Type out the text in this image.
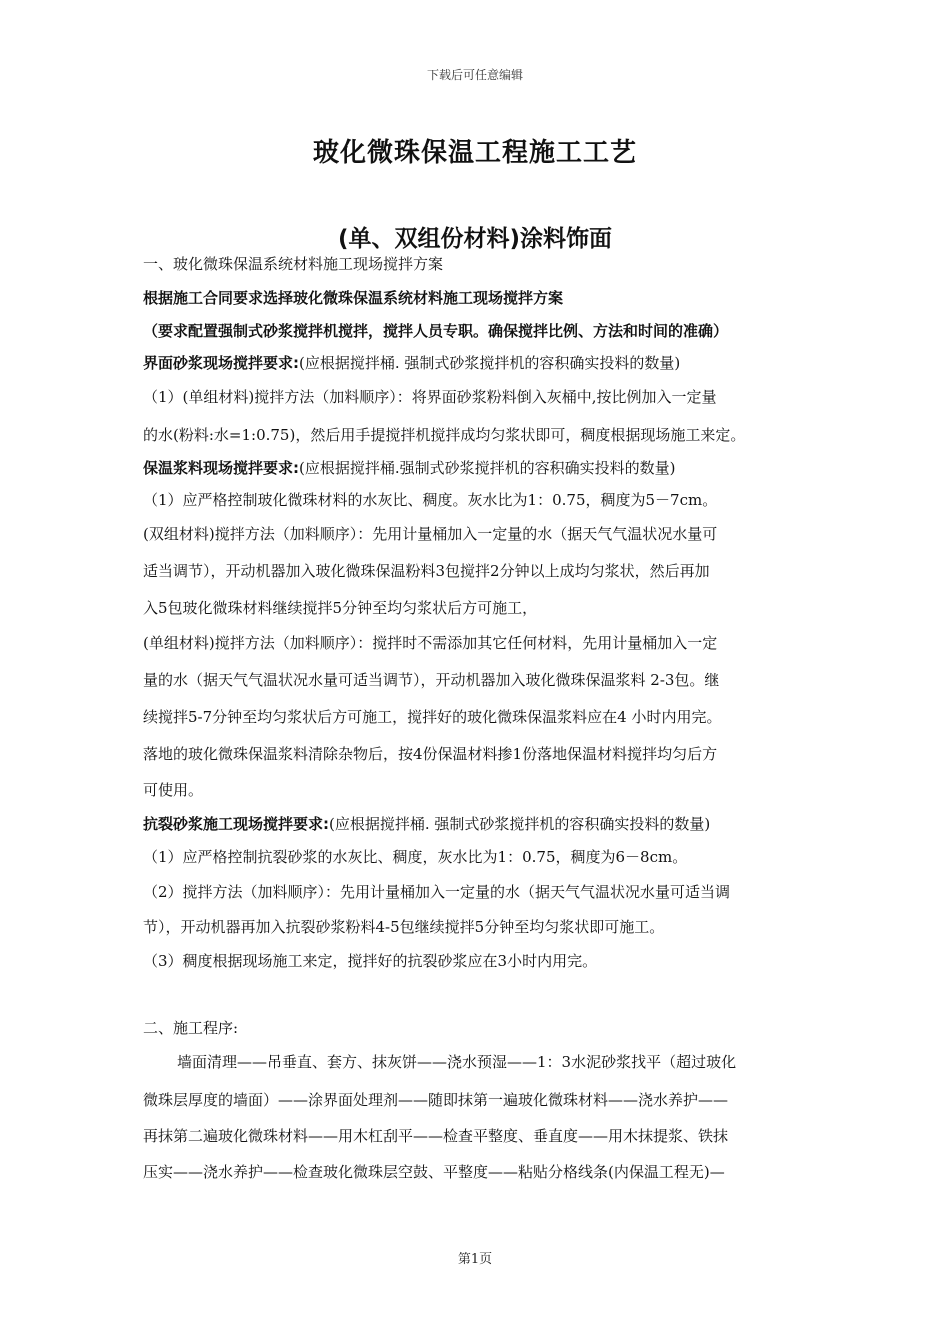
下载后可任意编辑
玻化微珠保温工程施工工艺
(单、双组份材料)涂料饰面
一、玻化微珠保温系统材料施工现场搅拌方案
根据施工合同要求选择玻化微珠保温系统材料施工现场搅拌方案
（要求配置强制式砂浆搅拌机搅拌，搅拌人员专职。确保搅拌比例、方法和时间的准确）
界面砂浆现场搅拌要求:(应根据搅拌桶. 强制式砂浆搅拌机的容积确实投料的数量)
（1）(单组材料)搅拌方法（加料顺序）：将界面砂浆粉料倒入灰桶中,按比例加入一定量
的水(粉料:水=1:0.75)，然后用手提搅拌机搅拌成均匀浆状即可，稠度根据现场施工来定。
保温浆料现场搅拌要求:(应根据搅拌桶.强制式砂浆搅拌机的容积确实投料的数量)
（1）应严格控制玻化微珠材料的水灰比、稠度。灰水比为1：0.75，稠度为5－7cm。
(双组材料)搅拌方法（加料顺序）：先用计量桶加入一定量的水（据天气气温状况水量可
适当调节），开动机器加入玻化微珠保温粉料3包搅拌2分钟以上成均匀浆状，然后再加
入5包玻化微珠材料继续搅拌5分钟至均匀浆状后方可施工，
(单组材料)搅拌方法（加料顺序）：搅拌时不需添加其它任何材料，先用计量桶加入一定
量的水（据天气气温状况水量可适当调节），开动机器加入玻化微珠保温浆料 2-3包。继
续搅拌5-7分钟至均匀浆状后方可施工，搅拌好的玻化微珠保温浆料应在4 小时内用完。
落地的玻化微珠保温浆料清除杂物后，按4份保温材料掺1份落地保温材料搅拌均匀后方
可使用。
抗裂砂浆施工现场搅拌要求:(应根据搅拌桶. 强制式砂浆搅拌机的容积确实投料的数量)
（1）应严格控制抗裂砂浆的水灰比、稠度，灰水比为1：0.75，稠度为6－8cm。
（2）搅拌方法（加料顺序）：先用计量桶加入一定量的水（据天气气温状况水量可适当调
节），开动机器再加入抗裂砂浆粉料4-5包继续搅拌5分钟至均匀浆状即可施工。
（3）稠度根据现场施工来定，搅拌好的抗裂砂浆应在3小时内用完。
二、施工程序:
墙面清理——吊垂直、套方、抹灰饼——浇水预湿——1：3水泥砂浆找平（超过玻化
微珠层厚度的墙面）——涂界面处理剂——随即抹第一遍玻化微珠材料——浇水养护——
再抹第二遍玻化微珠材料——用木杠刮平——检查平整度、垂直度——用木抹提浆、铁抹
压实——浇水养护——检查玻化微珠层空鼓、平整度——粘贴分格线条(内保温工程无)—
第1页
